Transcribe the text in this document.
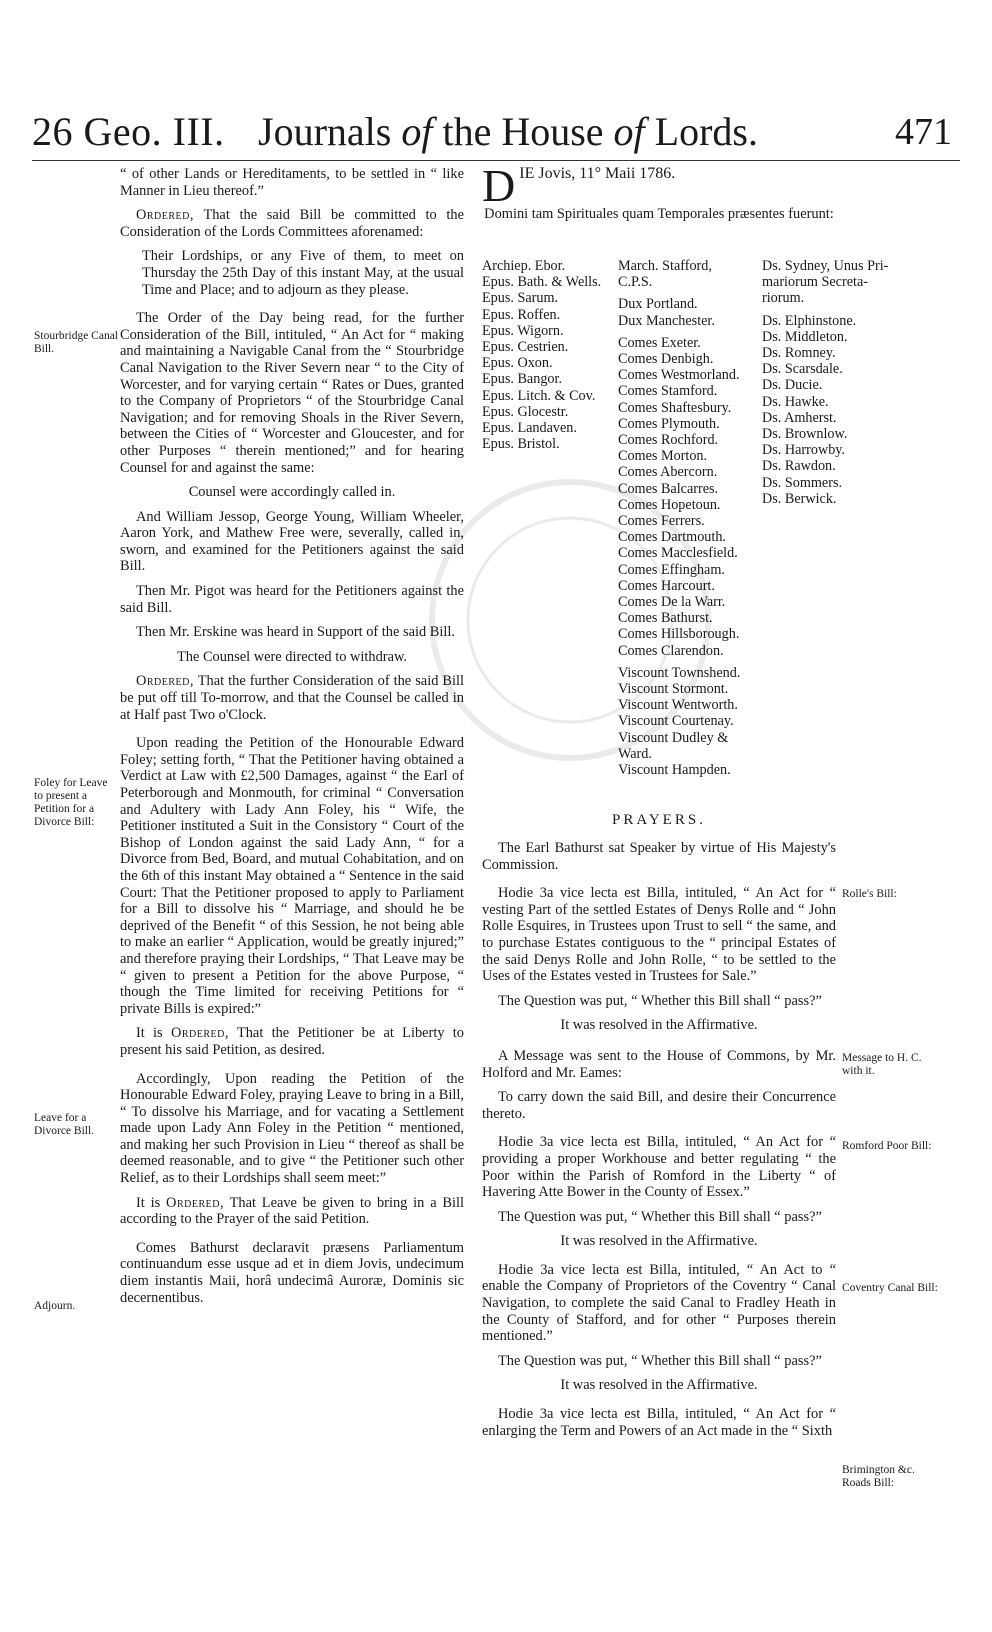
26 Geo. III. Journals of the House of Lords.	471
Stourbridge Canal Bill.
Foley for Leave to present a Petition for a Divorce Bill:
Leave for a Divorce Bill.
Adjourn.

“ of other Lands or Hereditaments, to be settled in “ like Manner in Lieu thereof.”

Ordered, That the said Bill be committed to the Consideration of the Lords Committees aforenamed:

Their Lordships, or any Five of them, to meet on Thursday the 25th Day of this instant May, at the usual Time and Place; and to adjourn as they please.

The Order of the Day being read, for the further Consideration of the Bill, intituled, “ An Act for “ making and maintaining a Navigable Canal from the “ Stourbridge Canal Navigation to the River Severn near “ to the City of Worcester, and for varying certain “ Rates or Dues, granted to the Company of Proprietors “ of the Stourbridge Canal Navigation; and for removing Shoals in the River Severn, between the Cities of “ Worcester and Gloucester, and for other Purposes “ therein mentioned;” and for hearing Counsel for and against the same:

Counsel were accordingly called in.

And William Jessop, George Young, William Wheeler, Aaron York, and Mathew Free were, severally, called in, sworn, and examined for the Petitioners against the said Bill.

Then Mr. Pigot was heard for the Petitioners against the said Bill.

Then Mr. Erskine was heard in Support of the said Bill.

The Counsel were directed to withdraw.

Ordered, That the further Consideration of the said Bill be put off till To-morrow, and that the Counsel be called in at Half past Two o'Clock.

Upon reading the Petition of the Honourable Edward Foley; setting forth, “ That the Petitioner having obtained a Verdict at Law with £2,500 Damages, against “ the Earl of Peterborough and Monmouth, for criminal “ Conversation and Adultery with Lady Ann Foley, his “ Wife, the Petitioner instituted a Suit in the Consistory “ Court of the Bishop of London against the said Lady Ann, “ for a Divorce from Bed, Board, and mutual Cohabitation, and on the 6th of this instant May obtained a “ Sentence in the said Court: That the Petitioner proposed to apply to Parliament for a Bill to dissolve his “ Marriage, and should he be deprived of the Benefit “ of this Session, he not being able to make an earlier “ Application, would be greatly injured;” and therefore praying their Lordships, “ That Leave may be “ given to present a Petition for the above Purpose, “ though the Time limited for receiving Petitions for “ private Bills is expired:”

It is Ordered, That the Petitioner be at Liberty to present his said Petition, as desired.

Accordingly, Upon reading the Petition of the Honourable Edward Foley, praying Leave to bring in a Bill, “ To dissolve his Marriage, and for vacating a Settlement made upon Lady Ann Foley in the Petition “ mentioned, and making her such Provision in Lieu “ thereof as shall be deemed reasonable, and to give “ the Petitioner such other Relief, as to their Lordships shall seem meet:”

It is Ordered, That Leave be given to bring in a Bill according to the Prayer of the said Petition.

Comes Bathurst declaravit præsens Parliamentum continuandum esse usque ad et in diem Jovis, undecimum diem instantis Maii, horâ undecimâ Auroræ, Dominis sic decernentibus.

D IE Jovis, 11° Maii 1786.

Domini tam Spirituales quam Temporales præsentes fuerunt:

Archiep. Ebor.
Epus. Bath. & Wells.
Epus. Sarum.
Epus. Roffen.
Epus. Wigorn.
Epus. Cestrien.
Epus. Oxon.
Epus. Bangor.
Epus. Litch. & Cov.
Epus. Glocestr.
Epus. Landaven.
Epus. Bristol.
March. Stafford,
C.P.S.
Dux Portland.
Dux Manchester.
Comes Exeter.
Comes Denbigh.
Comes Westmorland.
Comes Stamford.
Comes Shaftesbury.
Comes Plymouth.
Comes Rochford.
Comes Morton.
Comes Abercorn.
Comes Balcarres.
Comes Hopetoun.
Comes Ferrers.
Comes Dartmouth.
Comes Macclesfield.
Comes Effingham.
Comes Harcourt.
Comes De la Warr.
Comes Bathurst.
Comes Hillsborough.
Comes Clarendon.
Viscount Townshend.
Viscount Stormont.
Viscount Wentworth.
Viscount Courtenay.
Viscount Dudley &
Ward.
Viscount Hampden.
Ds. Sydney, Unus Pri-
mariorum Secreta-
riorum.
Ds. Elphinstone.
Ds. Middleton.
Ds. Romney.
Ds. Scarsdale.
Ds. Ducie.
Ds. Hawke.
Ds. Amherst.
Ds. Brownlow.
Ds. Harrowby.
Ds. Rawdon.
Ds. Sommers.
Ds. Berwick.
PRAYERS.

The Earl Bathurst sat Speaker by virtue of His Majesty's Commission.

Hodie 3a vice lecta est Billa, intituled, “ An Act for “ vesting Part of the settled Estates of Denys Rolle and “ John Rolle Esquires, in Trustees upon Trust to sell “ the same, and to purchase Estates contiguous to the “ principal Estates of the said Denys Rolle and John Rolle, “ to be settled to the Uses of the Estates vested in Trustees for Sale.”

The Question was put, “ Whether this Bill shall “ pass?”

It was resolved in the Affirmative.

A Message was sent to the House of Commons, by Mr. Holford and Mr. Eames:

To carry down the said Bill, and desire their Concurrence thereto.

Hodie 3a vice lecta est Billa, intituled, “ An Act for “ providing a proper Workhouse and better regulating “ the Poor within the Parish of Romford in the Liberty “ of Havering Atte Bower in the County of Essex.”

The Question was put, “ Whether this Bill shall “ pass?”

It was resolved in the Affirmative.

Hodie 3a vice lecta est Billa, intituled, “ An Act to “ enable the Company of Proprietors of the Coventry “ Canal Navigation, to complete the said Canal to Fradley Heath in the County of Stafford, and for other “ Purposes therein mentioned.”

The Question was put, “ Whether this Bill shall “ pass?”

It was resolved in the Affirmative.

Hodie 3a vice lecta est Billa, intituled, “ An Act for “ enlarging the Term and Powers of an Act made in the “ Sixth

Rolle's Bill:
Message to H. C. with it.
Romford Poor Bill:
Coventry Canal Bill:
Brimington &c. Roads Bill:
